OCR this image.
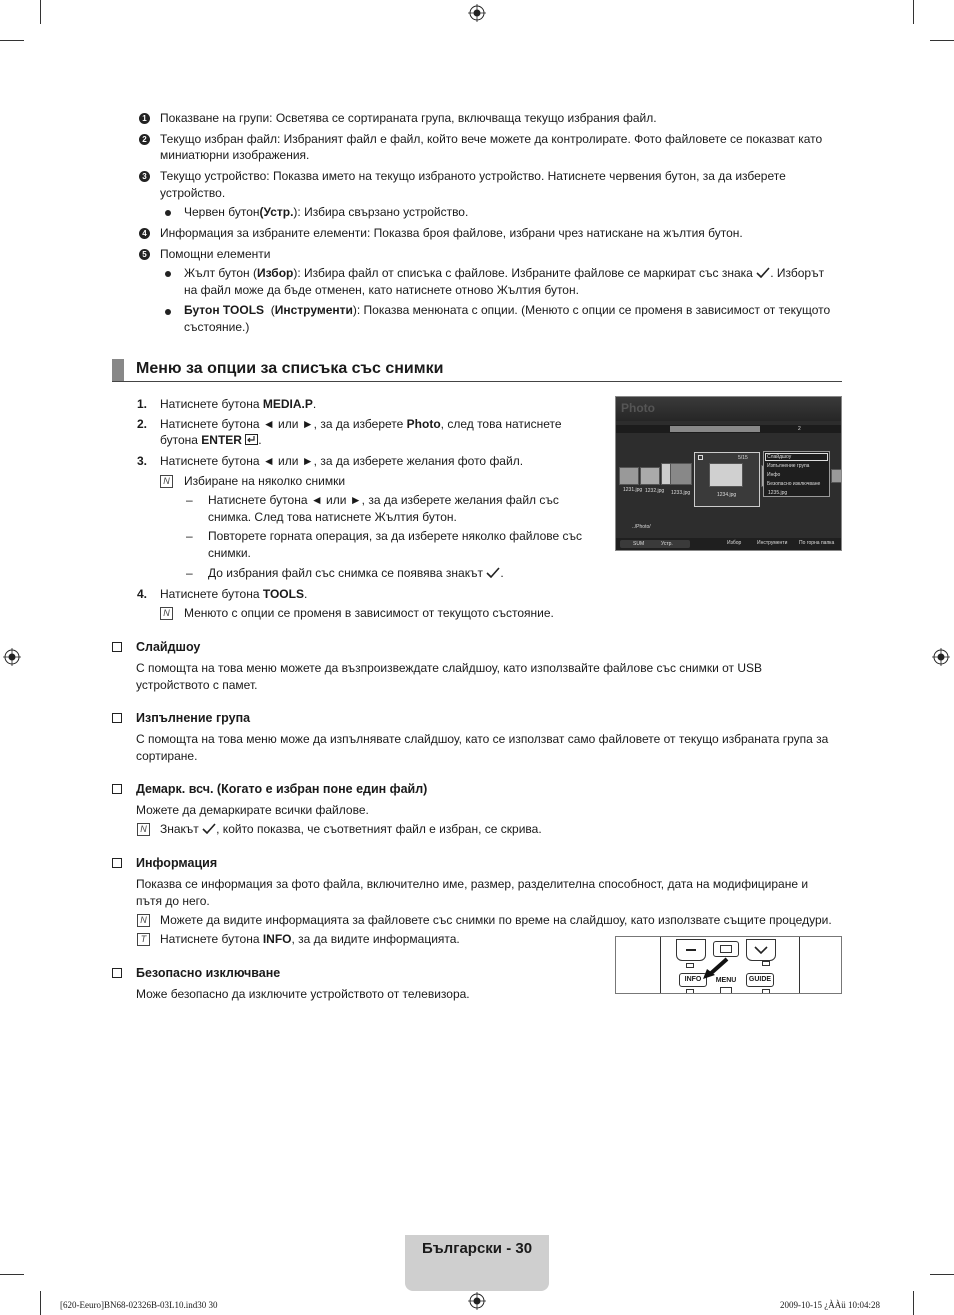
1 Показване на групи: Осветява се сортираната група, включваща текущо избрания файл.
2 Текущо избран файл: Избраният файл е файл, който вече можете да контролирате. Фото файловете се показват като
миниатюрни изображения.
3 Текущо устройство: Показва името на текущо избраното устройство. Натиснете червения бутон, за да изберете
устройство.
Червен бутон(Устр.): Избира свързано устройство.
4 Информация за избраните елементи: Показва броя файлове, избрани чрез натискане на жълтия бутон.
5 Помощни елементи
Жълт бутон (Избор): Избира файл от списъка с файлове. Избраните файлове се маркират със знака . Изборът
на файл може да бъде отменен, като натиснете отново Жълтия бутон.
Бутон TOOLS (Инструменти): Показва менюната с опции. (Менюто с опции се променя в зависимост от текущото
състояние.)
Меню за опции за списъка със снимки
1. Натиснете бутона MEDIA.P.
2. Натиснете бутона ◄ или ►, за да изберете Photo, след това натиснете
бутона ENTER .
3. Натиснете бутона ◄ или ►, за да изберете желания фото файл.
N Избиране на няколко снимки
– Натиснете бутона ◄ или ►, за да изберете желания файл със
снимка. След това натиснете Жълтия бутон.
– Повторете горната операция, за да изберете няколко файлове със
снимки.
– До избрания файл със снимка се появява знакът .
4. Натиснете бутона TOOLS.
N Менюто с опции се променя в зависимост от текущото състояние.
Photo
2
1231.jpg 1232.jpg 1233.jpg
5/15
1234.jpg
Слайдшоу
Изпълнение група
Инфо
Безопасно изключване
1235.jpg
../Photo/
SUM	Устр.	Избор	Инструменти По горна папка
Слайдшоу
С помощта на това меню можете да възпроизвеждате слайдшоу, като използвайте файлове със снимки от USB
устройството с памет.
Изпълнение група
С помощта на това меню може да изпълнявате слайдшоу, като се използват само файловете от текущо избраната група за
сортиране.
Демарк. всч. (Когато е избран поне един файл)
Можете да демаркирате всички файлове.
N Знакът , който показва, че съответният файл е избран, се скрива.
Информация
Показва се информация за фото файла, включително име, размер, разделителна способност, дата на модифициране и
пътя до него.
N Можете да видите информацията за файловете със снимки по време на слайдшоу, като използвате същите процедури.
T	Натиснете бутона INFO, за да видите информацията.
Безопасно изключване
Може безопасно да изключите устройството от телевизора.
INFO	MENU	GUIDE
Български - 30
[620-Eeuro]BN68-02326B-03L10.ind30 30	2009-10-15 ¿ÀÀü 10:04:28
